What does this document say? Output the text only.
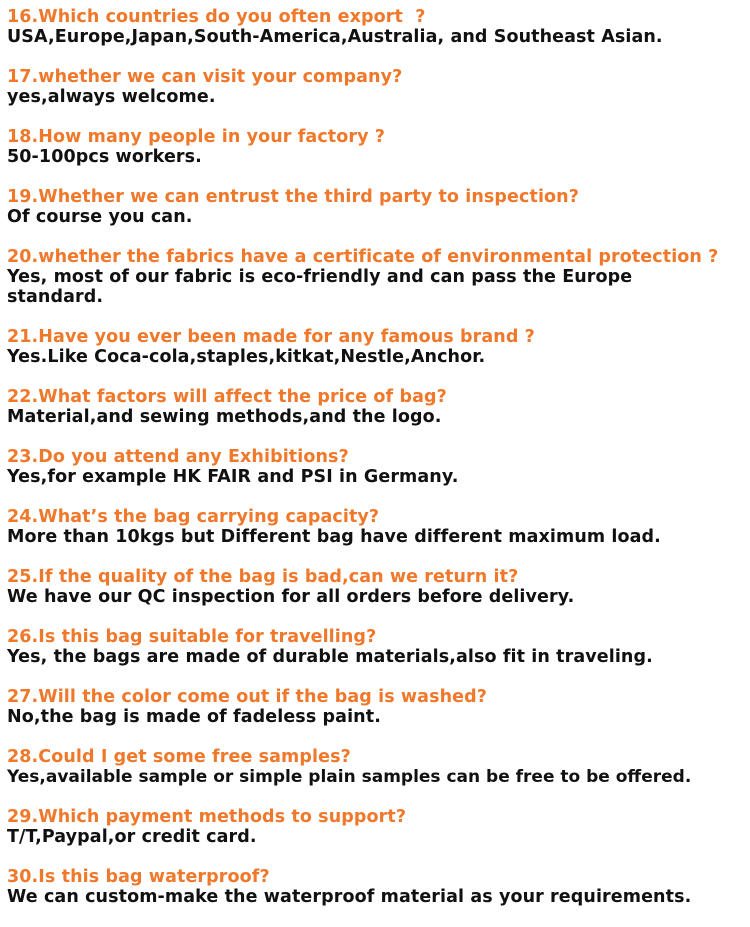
16.Which countries do you often export  ?
USA,Europe,Japan,South-America,Australia, and Southeast Asian.
17.whether we can visit your company?
yes,always welcome.
18.How many people in your factory ?
50-100pcs workers.
19.Whether we can entrust the third party to inspection?
Of course you can.
20.whether the fabrics have a certificate of environmental protection ?
Yes, most of our fabric is eco-friendly and can pass the Europe standard.
21.Have you ever been made for any famous brand ?
Yes.Like Coca-cola,staples,kitkat,Nestle,Anchor.
22.What factors will affect the price of bag?
Material,and sewing methods,and the logo.
23.Do you attend any Exhibitions?
Yes,for example HK FAIR and PSI in Germany.
24.What’s the bag carrying capacity?
More than 10kgs but Different bag have different maximum load.
25.If the quality of the bag is bad,can we return it?
We have our QC inspection for all orders before delivery.
26.Is this bag suitable for travelling?
Yes, the bags are made of durable materials,also fit in traveling.
27.Will the color come out if the bag is washed?
No,the bag is made of fadeless paint.
28.Could I get some free samples?
Yes,available sample or simple plain samples can be free to be offered.
29.Which payment methods to support?
T/T,Paypal,or credit card.
30.Is this bag waterproof?
We can custom-make the waterproof material as your requirements.
